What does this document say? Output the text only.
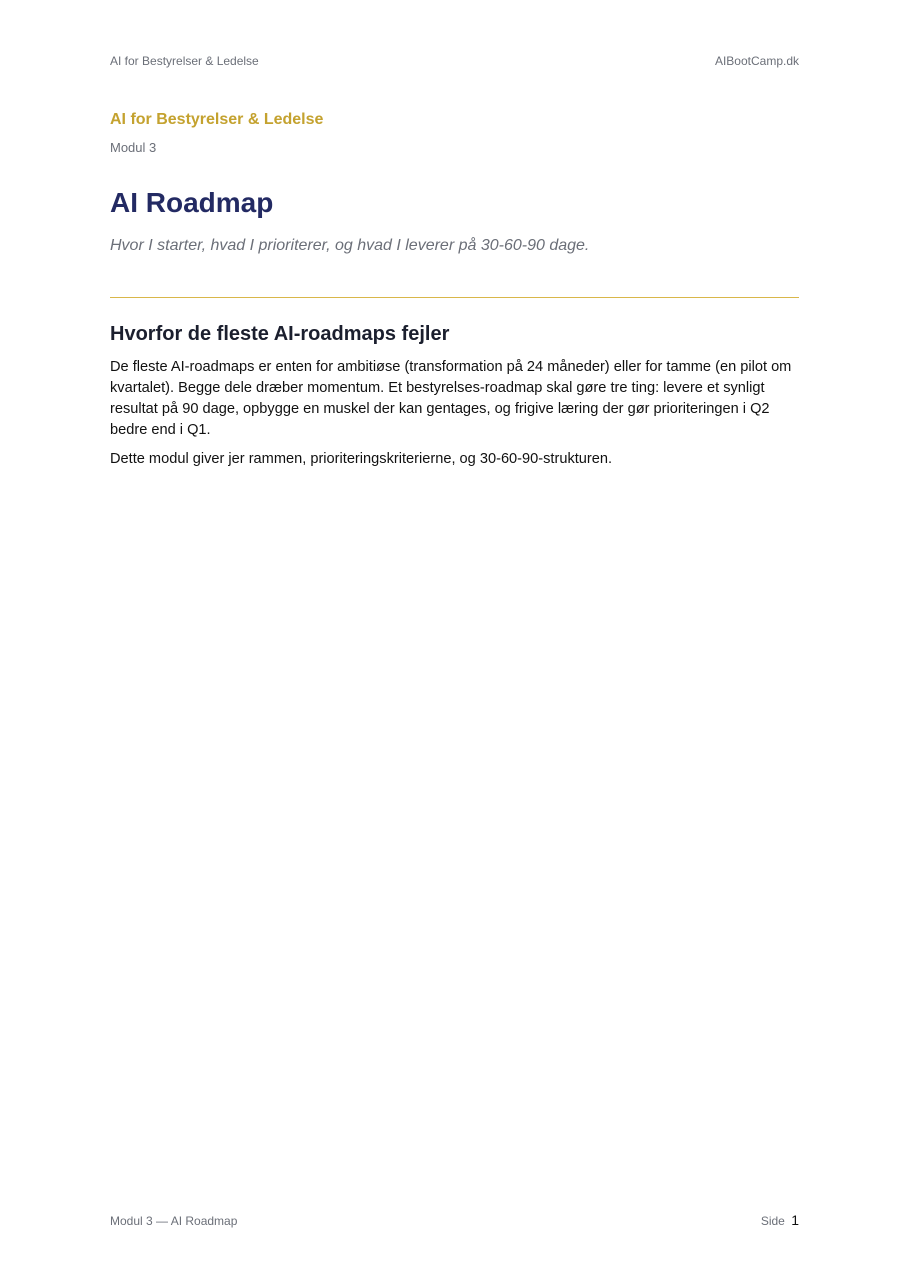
AI for Bestyrelser & Ledelse	AIBootCamp.dk
AI for Bestyrelser & Ledelse
Modul 3
AI Roadmap
Hvor I starter, hvad I prioriterer, og hvad I leverer på 30-60-90 dage.
Hvorfor de fleste AI-roadmaps fejler

De fleste AI-roadmaps er enten for ambitiøse (transformation på 24 måneder) eller for tamme (en pilot om kvartalet). Begge dele dræber momentum. Et bestyrelses-roadmap skal gøre tre ting: levere et synligt resultat på 90 dage, opbygge en muskel der kan gentages, og frigive læring der gør prioriteringen i Q2 bedre end i Q1.

Dette modul giver jer rammen, prioriteringskriterierne, og 30-60-90-strukturen.

Modul 3 — AI Roadmap	Side 1
